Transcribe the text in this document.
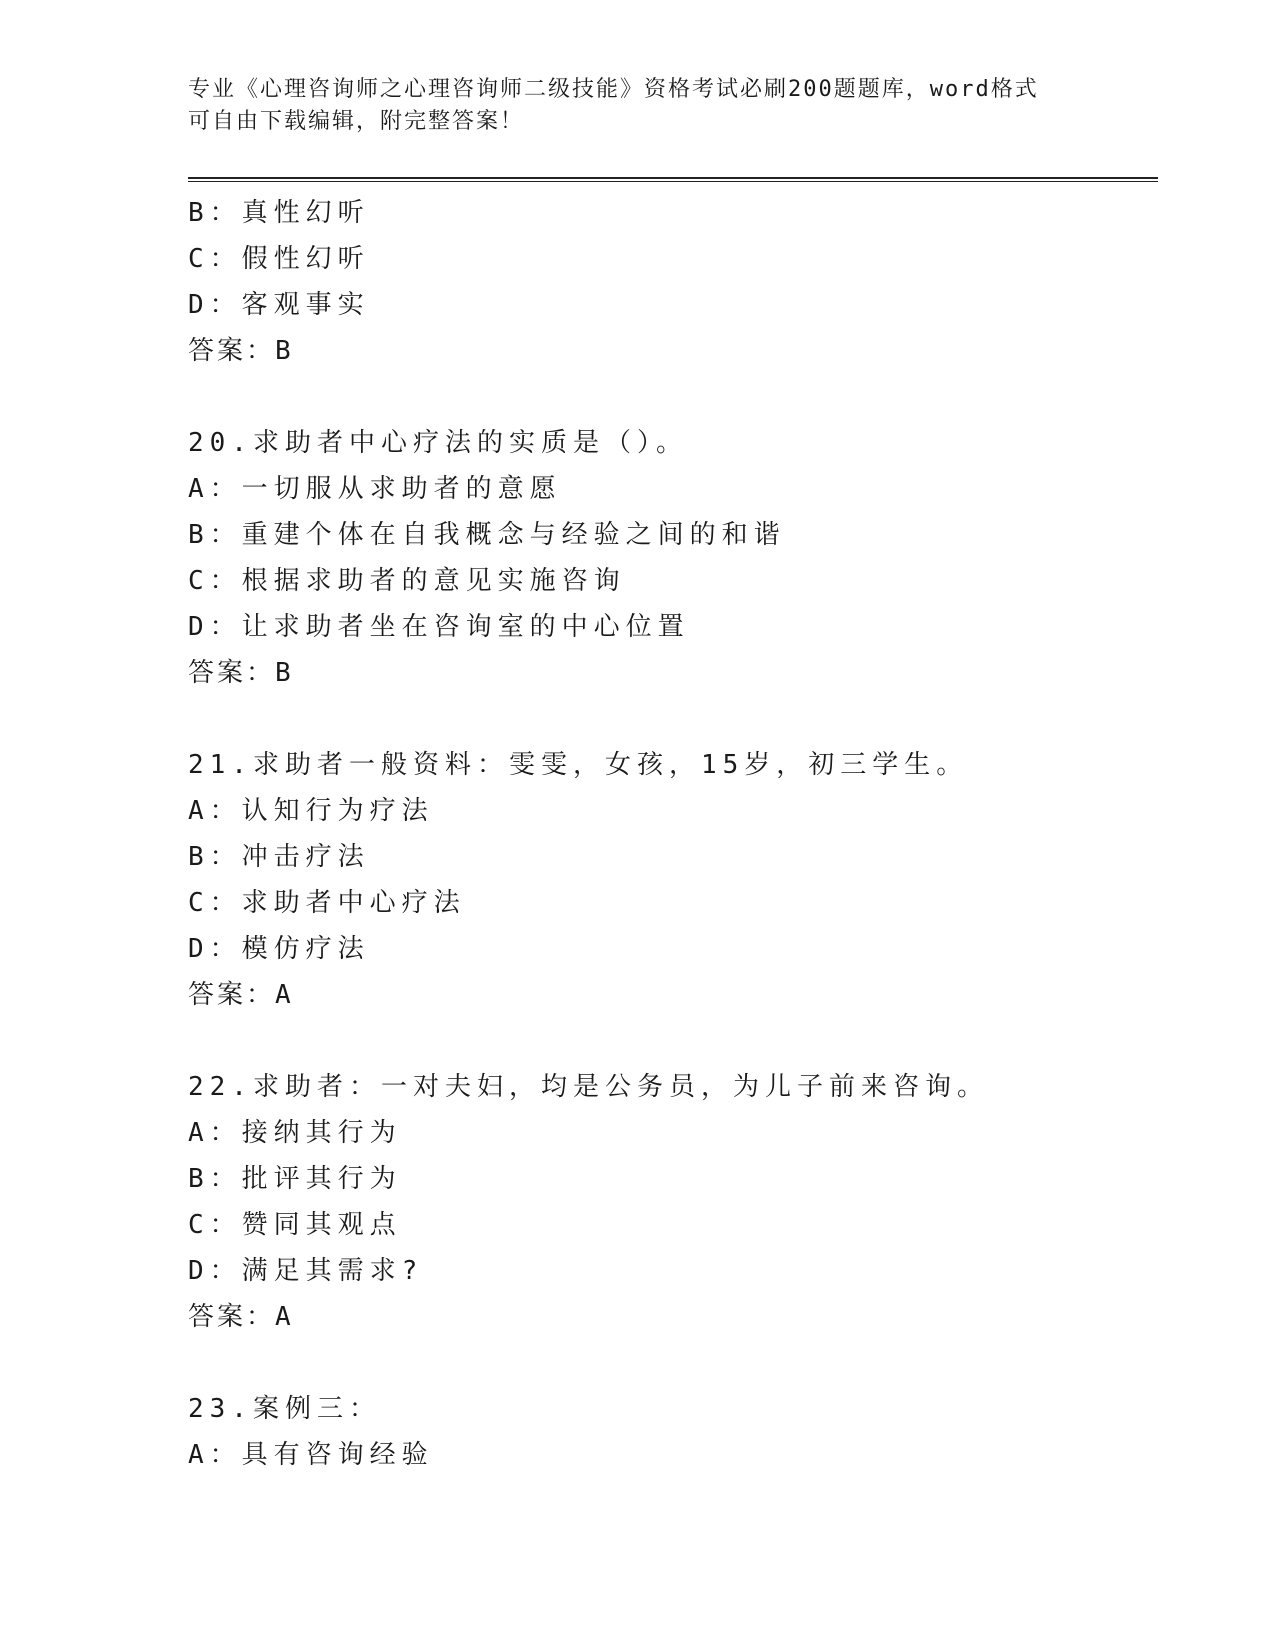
专业《心理咨询师之心理咨询师二级技能》资格考试必刷200题题库，word格式
可自由下载编辑，附完整答案！
B：真性幻听
C：假性幻听
D：客观事实
答案：B
20.求助者中心疗法的实质是（）。
A：一切服从求助者的意愿
B：重建个体在自我概念与经验之间的和谐
C：根据求助者的意见实施咨询
D：让求助者坐在咨询室的中心位置
答案：B
21.求助者一般资料：雯雯，女孩，15岁，初三学生。
A：认知行为疗法
B：冲击疗法
C：求助者中心疗法
D：模仿疗法
答案：A
22.求助者：一对夫妇，均是公务员，为儿子前来咨询。
A：接纳其行为
B：批评其行为
C：赞同其观点
D：满足其需求?
答案：A
23.案例三：
A：具有咨询经验
